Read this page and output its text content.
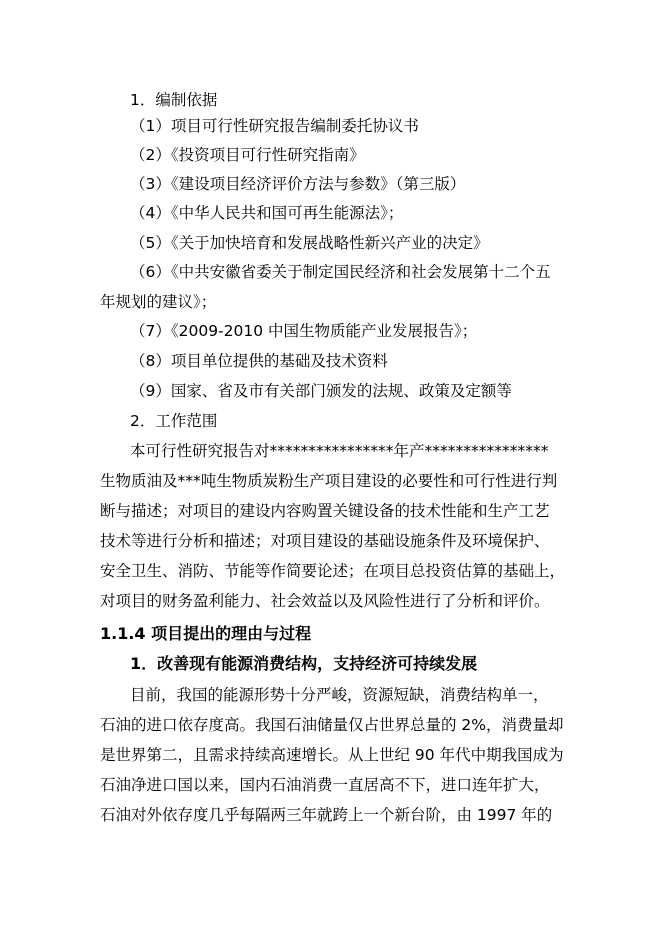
1．编制依据
（1）项目可行性研究报告编制委托协议书
（2）《投资项目可行性研究指南》
（3）《建设项目经济评价方法与参数》（第三版）
（4）《中华人民共和国可再生能源法》；
（5）《关于加快培育和发展战略性新兴产业的决定》
（6）《中共安徽省委关于制定国民经济和社会发展第十二个五
年规划的建议》；
（7）《2009-2010 中国生物质能产业发展报告》；
（8）项目单位提供的基础及技术资料
（9）国家、省及市有关部门颁发的法规、政策及定额等
2．工作范围
本可行性研究报告对****************年产****************
生物质油及***吨生物质炭粉生产项目建设的必要性和可行性进行判
断与描述；对项目的建设内容购置关键设备的技术性能和生产工艺
技术等进行分析和描述；对项目建设的基础设施条件及环境保护、
安全卫生、消防、节能等作简要论述；在项目总投资估算的基础上，
对项目的财务盈利能力、社会效益以及风险性进行了分析和评价。
1.1.4 项目提出的理由与过程
1．改善现有能源消费结构，支持经济可持续发展
目前，我国的能源形势十分严峻，资源短缺，消费结构单一，
石油的进口依存度高。我国石油储量仅占世界总量的 2%，消费量却
是世界第二，且需求持续高速增长。从上世纪 90 年代中期我国成为
石油净进口国以来，国内石油消费一直居高不下，进口连年扩大，
石油对外依存度几乎每隔两三年就跨上一个新台阶，由 1997 年的
